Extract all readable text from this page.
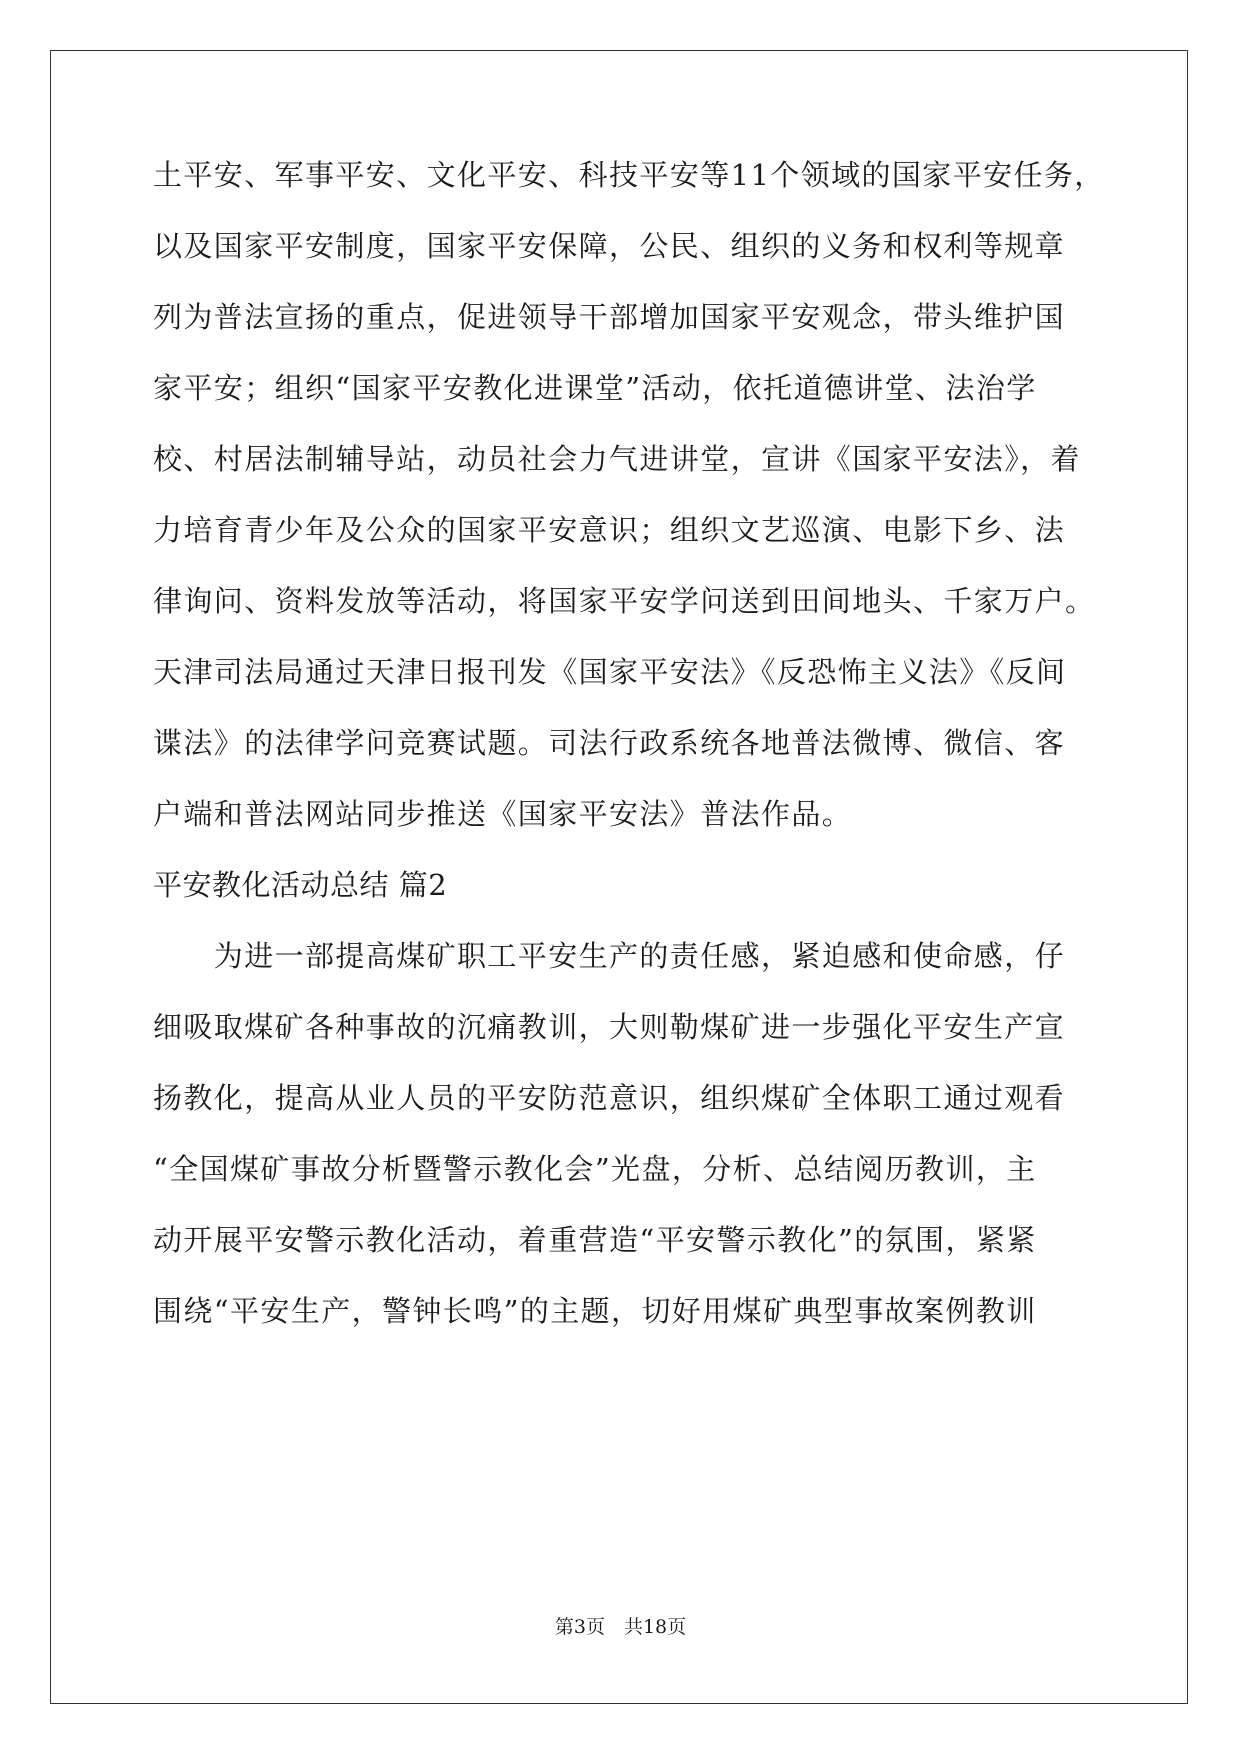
土平安、军事平安、文化平安、科技平安等11个领域的国家平安任务，
以及国家平安制度，国家平安保障，公民、组织的义务和权利等规章
列为普法宣扬的重点，促进领导干部增加国家平安观念，带头维护国
家平安；组织“国家平安教化进课堂”活动，依托道德讲堂、法治学
校、村居法制辅导站，动员社会力气进讲堂，宣讲《国家平安法》，着
力培育青少年及公众的国家平安意识；组织文艺巡演、电影下乡、法
律询问、资料发放等活动，将国家平安学问送到田间地头、千家万户。
天津司法局通过天津日报刊发《国家平安法》《反恐怖主义法》《反间
谍法》的法律学问竞赛试题。司法行政系统各地普法微博、微信、客
户端和普法网站同步推送《国家平安法》普法作品。
平安教化活动总结 篇2
　　为进一部提高煤矿职工平安生产的责任感，紧迫感和使命感，仔
细吸取煤矿各种事故的沉痛教训，大则勒煤矿进一步强化平安生产宣
扬教化，提高从业人员的平安防范意识，组织煤矿全体职工通过观看
“全国煤矿事故分析暨警示教化会”光盘，分析、总结阅历教训，主
动开展平安警示教化活动，着重营造“平安警示教化”的氛围，紧紧
围绕“平安生产，警钟长鸣”的主题，切好用煤矿典型事故案例教训
第3页　共18页
